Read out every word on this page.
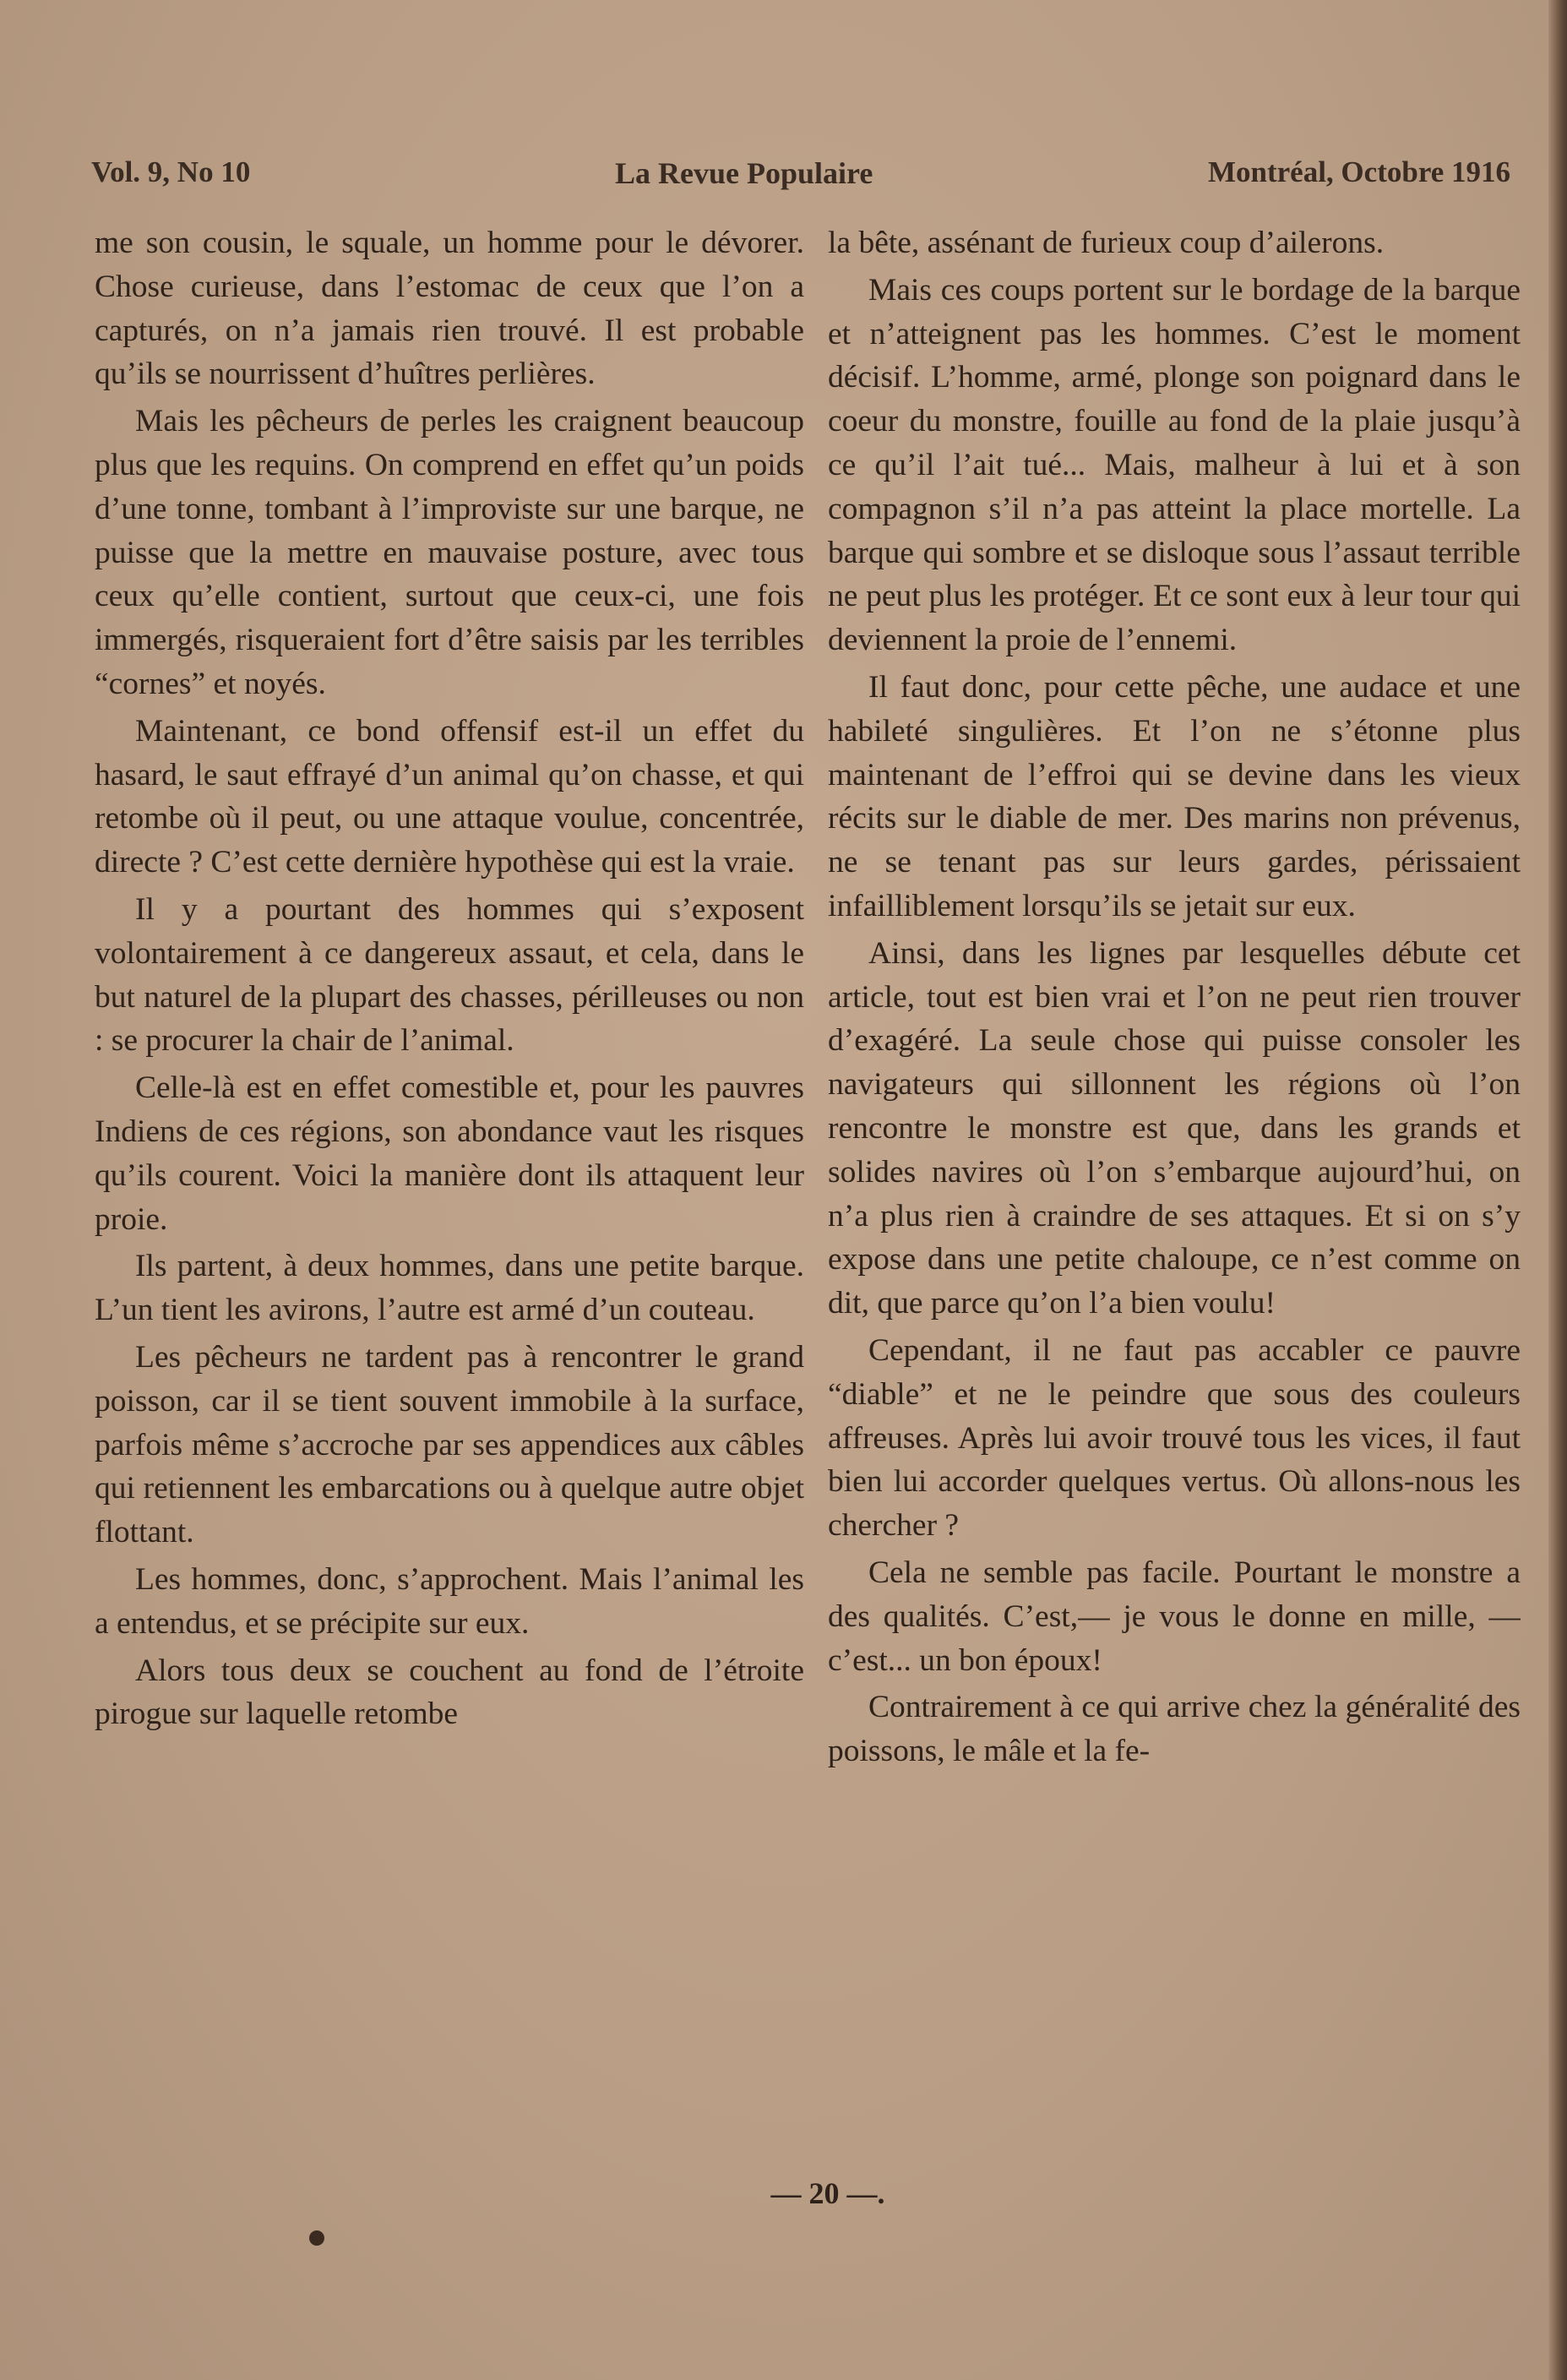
Vol. 9, No 10	La Revue Populaire	Montréal, Octobre 1916

me son cousin, le squale, un homme pour le dévorer. Chose curieuse, dans l’estomac de ceux que l’on a capturés, on n’a jamais rien trouvé. Il est probable qu’ils se nourrissent d’huîtres perlières.

Mais les pêcheurs de perles les craignent beaucoup plus que les requins. On comprend en effet qu’un poids d’une tonne, tombant à l’improviste sur une barque, ne puisse que la mettre en mauvaise posture, avec tous ceux qu’elle contient, surtout que ceux-ci, une fois immergés, risqueraient fort d’être saisis par les terribles “cornes” et noyés.

Maintenant, ce bond offensif est-il un effet du hasard, le saut effrayé d’un animal qu’on chasse, et qui retombe où il peut, ou une attaque voulue, concentrée, directe ? C’est cette dernière hypothèse qui est la vraie.

Il y a pourtant des hommes qui s’exposent volontairement à ce dangereux assaut, et cela, dans le but naturel de la plupart des chasses, périlleuses ou non : se procurer la chair de l’animal.

Celle-là est en effet comestible et, pour les pauvres Indiens de ces régions, son abondance vaut les risques qu’ils courent. Voici la manière dont ils attaquent leur proie.

Ils partent, à deux hommes, dans une petite barque. L’un tient les avirons, l’autre est armé d’un couteau.

Les pêcheurs ne tardent pas à rencontrer le grand poisson, car il se tient souvent immobile à la surface, parfois même s’accroche par ses appendices aux câbles qui retiennent les embarcations ou à quelque autre objet flottant.

Les hommes, donc, s’approchent. Mais l’animal les a entendus, et se précipite sur eux.

Alors tous deux se couchent au fond de l’étroite pirogue sur laquelle retombe

la bête, assénant de furieux coup d’ailerons.

Mais ces coups portent sur le bordage de la barque et n’atteignent pas les hommes. C’est le moment décisif. L’homme, armé, plonge son poignard dans le coeur du monstre, fouille au fond de la plaie jusqu’à ce qu’il l’ait tué... Mais, malheur à lui et à son compagnon s’il n’a pas atteint la place mortelle. La barque qui sombre et se disloque sous l’assaut terrible ne peut plus les protéger. Et ce sont eux à leur tour qui deviennent la proie de l’ennemi.

Il faut donc, pour cette pêche, une audace et une habileté singulières. Et l’on ne s’étonne plus maintenant de l’effroi qui se devine dans les vieux récits sur le diable de mer. Des marins non prévenus, ne se tenant pas sur leurs gardes, périssaient infailliblement lorsqu’ils se jetait sur eux.

Ainsi, dans les lignes par lesquelles débute cet article, tout est bien vrai et l’on ne peut rien trouver d’exagéré. La seule chose qui puisse consoler les navigateurs qui sillonnent les régions où l’on rencontre le monstre est que, dans les grands et solides navires où l’on s’embarque aujourd’hui, on n’a plus rien à craindre de ses attaques. Et si on s’y expose dans une petite chaloupe, ce n’est comme on dit, que parce qu’on l’a bien voulu!

Cependant, il ne faut pas accabler ce pauvre “diable” et ne le peindre que sous des couleurs affreuses. Après lui avoir trouvé tous les vices, il faut bien lui accorder quelques vertus. Où allons-nous les chercher ?

Cela ne semble pas facile. Pourtant le monstre a des qualités. C’est,— je vous le donne en mille, — c’est... un bon époux!

Contrairement à ce qui arrive chez la généralité des poissons, le mâle et la fe-

— 20 —.
